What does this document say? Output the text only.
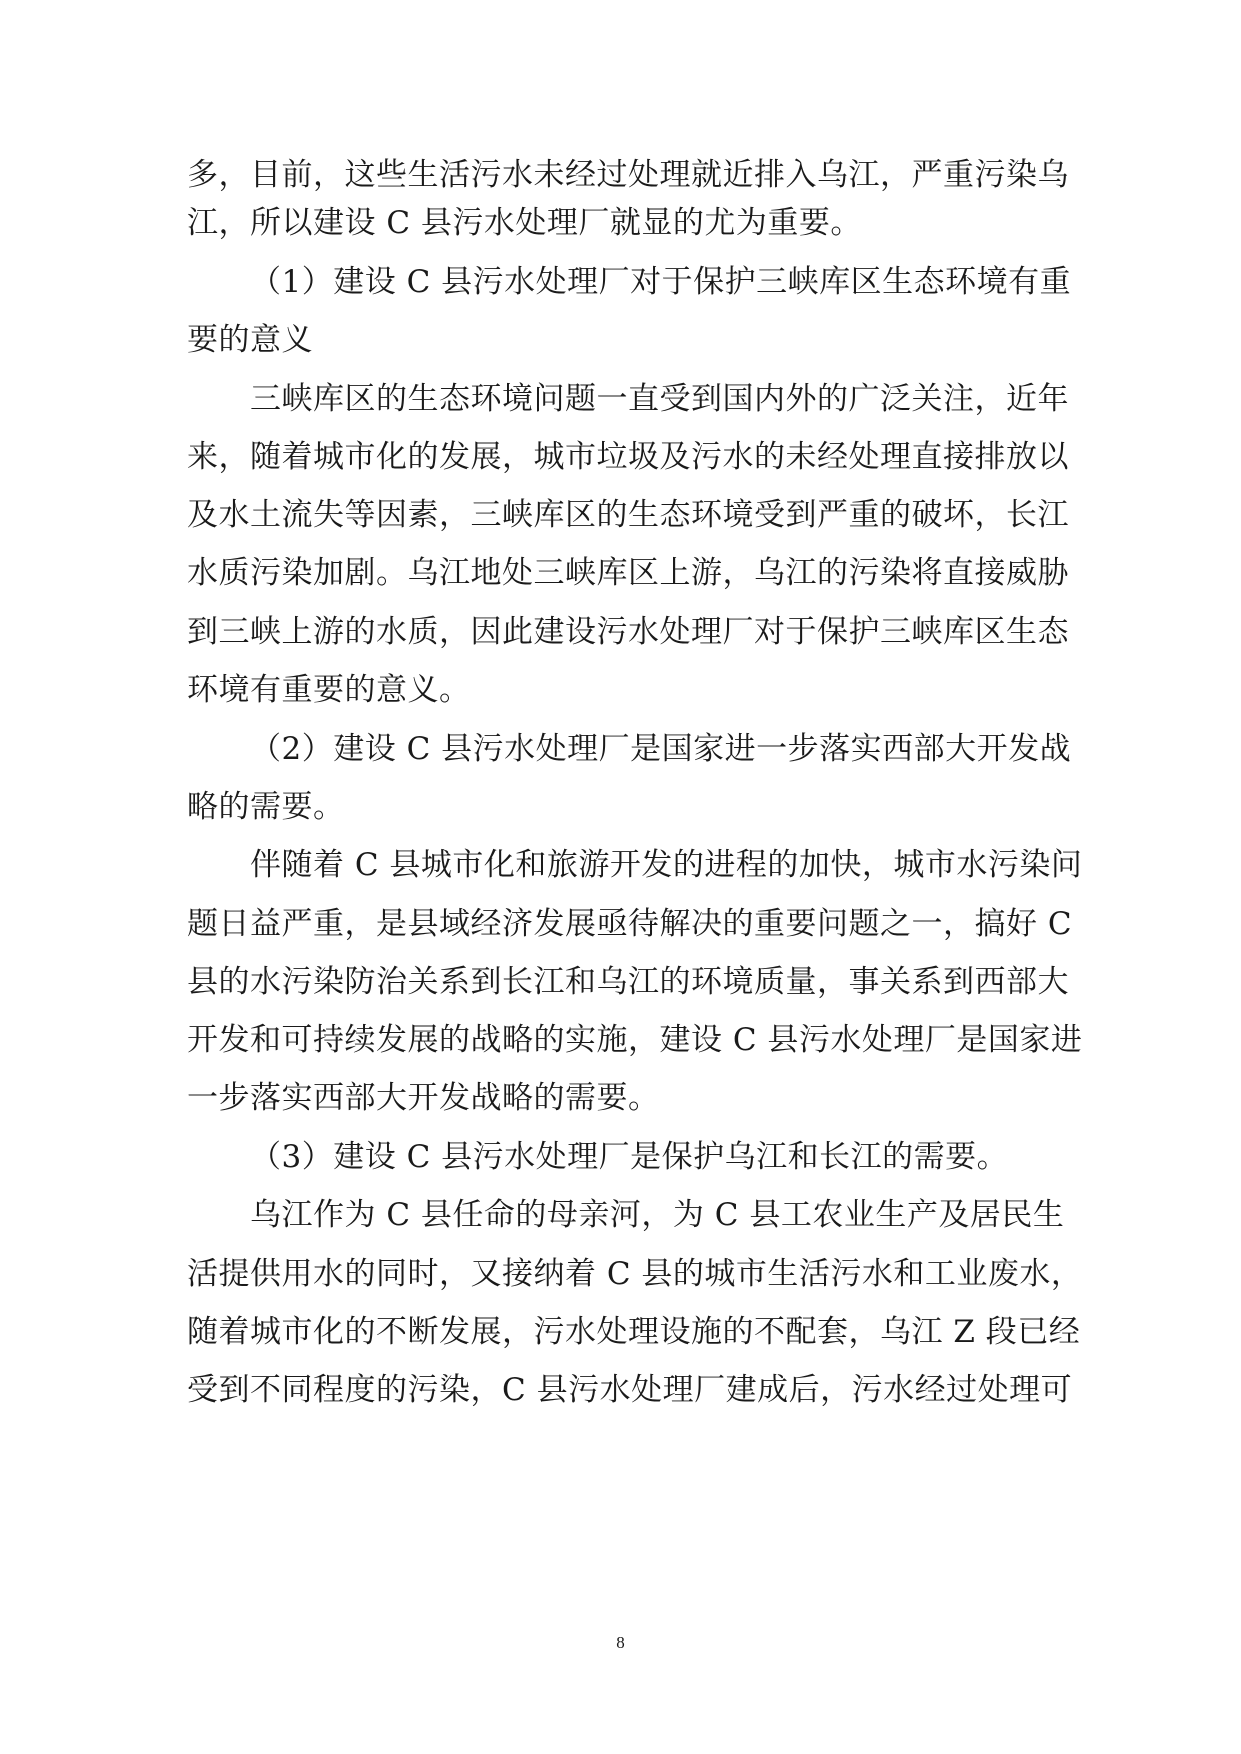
多，目前，这些生活污水未经过处理就近排入乌江，严重污染乌
江，所以建设 C 县污水处理厂就显的尤为重要。
（1）建设 C 县污水处理厂对于保护三峡库区生态环境有重
要的意义
三峡库区的生态环境问题一直受到国内外的广泛关注，近年
来，随着城市化的发展，城市垃圾及污水的未经处理直接排放以
及水土流失等因素，三峡库区的生态环境受到严重的破坏，长江
水质污染加剧。乌江地处三峡库区上游，乌江的污染将直接威胁
到三峡上游的水质，因此建设污水处理厂对于保护三峡库区生态
环境有重要的意义。
（2）建设 C 县污水处理厂是国家进一步落实西部大开发战
略的需要。
伴随着 C 县城市化和旅游开发的进程的加快，城市水污染问
题日益严重，是县域经济发展亟待解决的重要问题之一，搞好 C
县的水污染防治关系到长江和乌江的环境质量，事关系到西部大
开发和可持续发展的战略的实施，建设 C 县污水处理厂是国家进
一步落实西部大开发战略的需要。
（3）建设 C 县污水处理厂是保护乌江和长江的需要。
乌江作为 C 县任命的母亲河，为 C 县工农业生产及居民生
活提供用水的同时，又接纳着 C 县的城市生活污水和工业废水，
随着城市化的不断发展，污水处理设施的不配套，乌江 Z 段已经
受到不同程度的污染，C 县污水处理厂建成后，污水经过处理可
8
